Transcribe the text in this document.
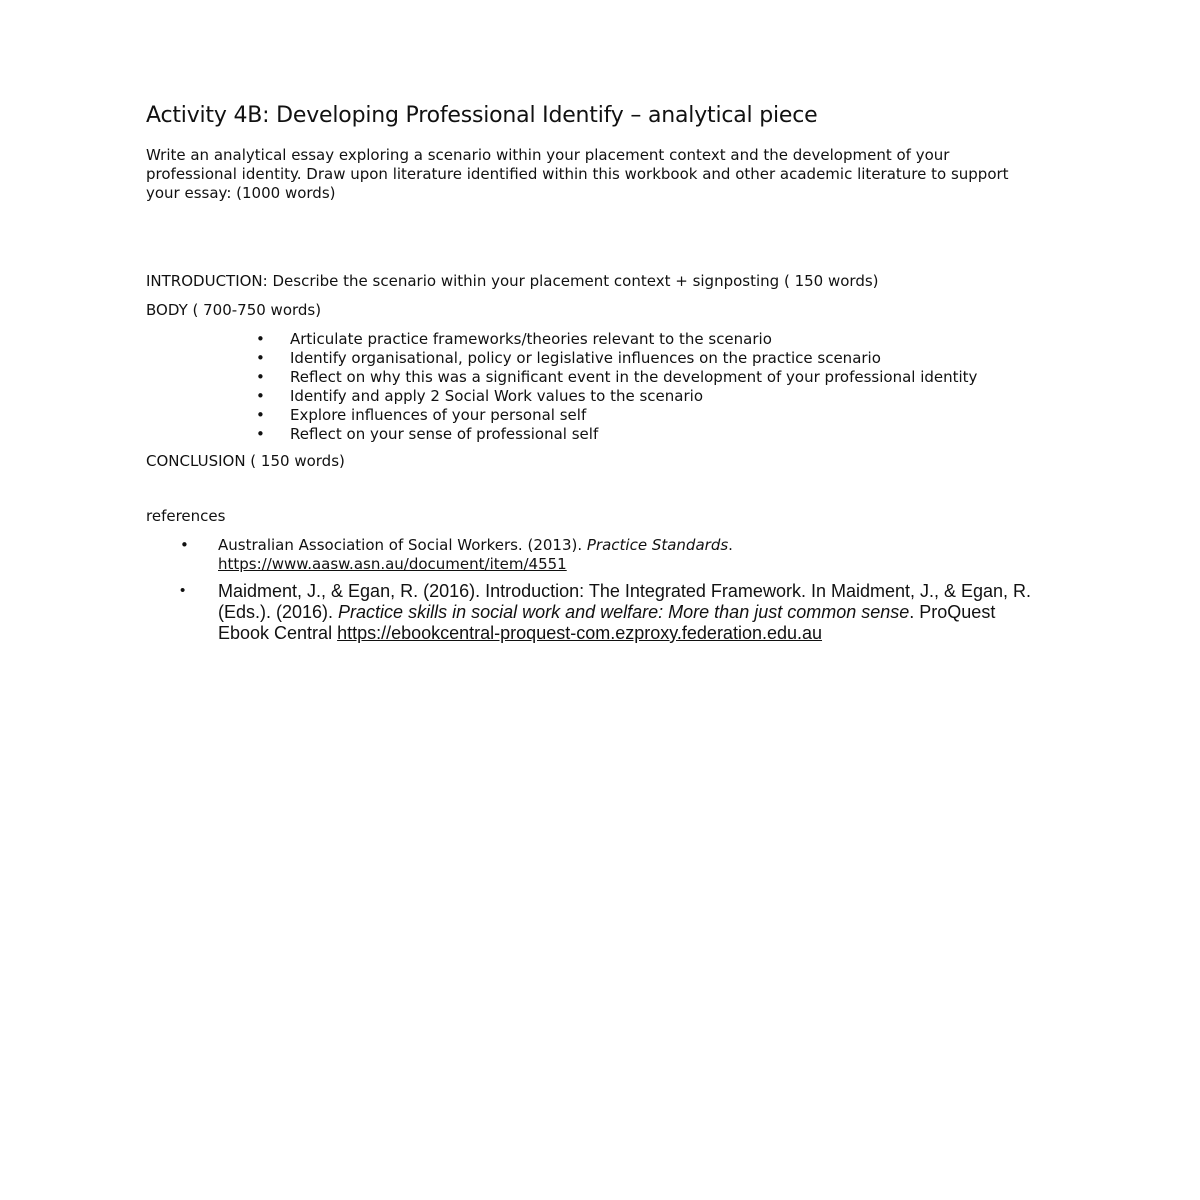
Activity 4B: Developing Professional Identify – analytical piece

Write an analytical essay exploring a scenario within your placement context and the development of your professional identity. Draw upon literature identified within this workbook and other academic literature to support your essay: (1000 words)

INTRODUCTION: Describe the scenario within your placement context + signposting ( 150 words)

BODY ( 700-750 words)

• Articulate practice frameworks/theories relevant to the scenario
• Identify organisational, policy or legislative influences on the practice scenario
• Reflect on why this was a significant event in the development of your professional identity
• Identify and apply 2 Social Work values to the scenario
• Explore influences of your personal self
• Reflect on your sense of professional self

CONCLUSION ( 150 words)

references

• Australian Association of Social Workers. (2013). Practice Standards. https://www.aasw.asn.au/document/item/4551
• Maidment, J., & Egan, R. (2016). Introduction: The Integrated Framework. In Maidment, J., & Egan, R. (Eds.). (2016). Practice skills in social work and welfare: More than just common sense. ProQuest Ebook Central https://ebookcentral-proquest-com.ezproxy.federation.edu.au
